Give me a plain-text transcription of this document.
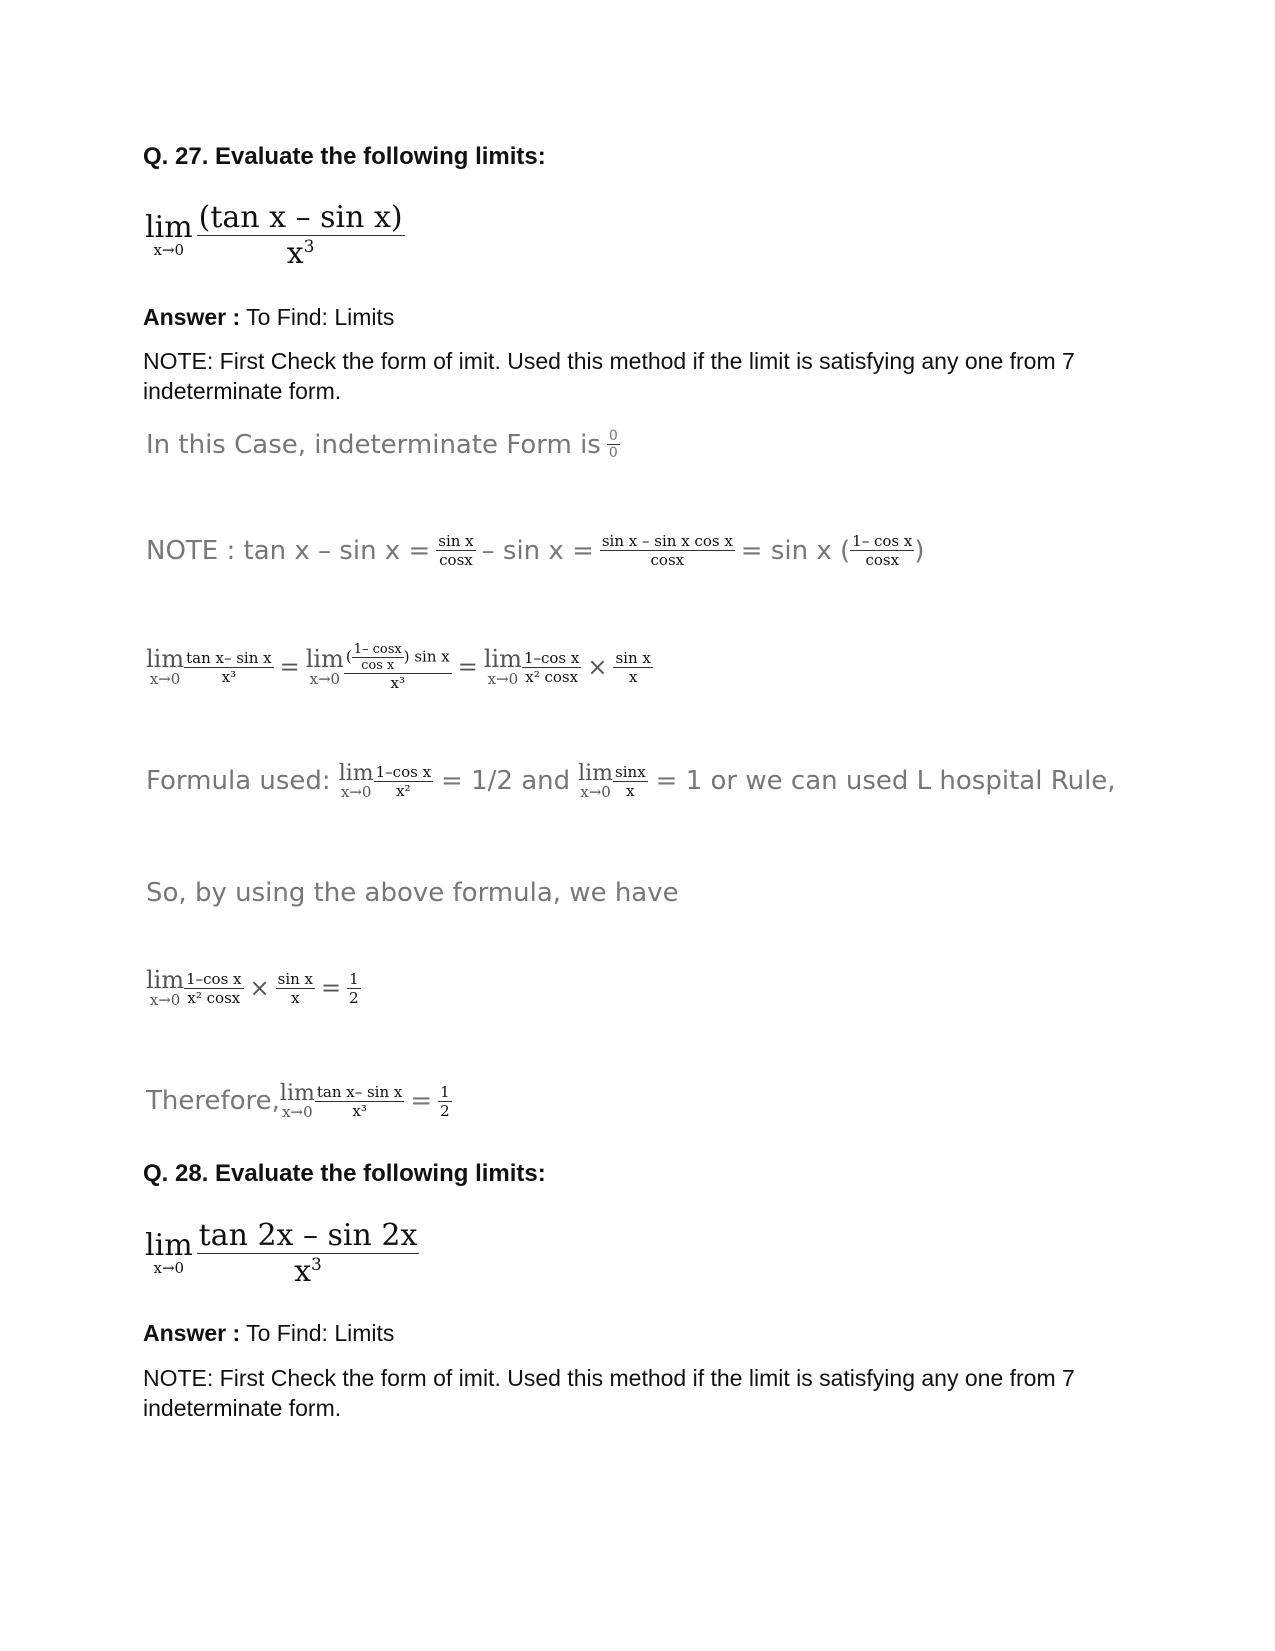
Q. 27. Evaluate the following limits:
lim
$x\to 0 \frac{\text{(tan x – sin x)}}{x^3}$
Answer : To Find: Limits
NOTE: First Check the form of imit. Used this method if the limit is satisfying any one from 7 indeterminate form.
In this Case, indeterminate Form is $\frac{0}{0}$
NOTE : $\tan x - \sin x = \frac{\text{sin x}}{\cos x} - \sin x = \frac{\text{sin x – sin x cos x}}{\cos x} = \sin x$ ( $\frac{\text{1– cos x}}{\cos x}$ )
lim
$x\to 0 \frac{\text{tan x– sin x}}{\text{x³}} = \lim$
$x\to 0 \frac{( \frac{1- \cos x}{\text{cos x}} ) \sin x}{\text{x³}} = \lim$
$x\to 0 \frac{\text{1–cos x}}{\text{x² cosx}} \times \frac{\text{sin x}}{x}$
Formula used: lim
$x\to 0 \frac{\text{1–cos x}}{\text{x²}} = 1/2$ and lim
$x\to 0 \frac{\sin x}{x} = 1$ or we can used L hospital Rule,
So, by using the above formula, we have
lim
$x\to 0 \frac{\text{1–cos x}}{\text{x² cosx}} \times \frac{\text{sin x}}{x} = \frac{1}{2}$
Therefore, lim
$x\to 0 \frac{\text{tan x– sin x}}{\text{x³}} = \frac{1}{2}$
Q. 28. Evaluate the following limits:
lim
$x\to 0 \frac{\tan 2x - \sin 2x}{x^3}$
Answer : To Find: Limits
NOTE: First Check the form of imit. Used this method if the limit is satisfying any one from 7 indeterminate form.
